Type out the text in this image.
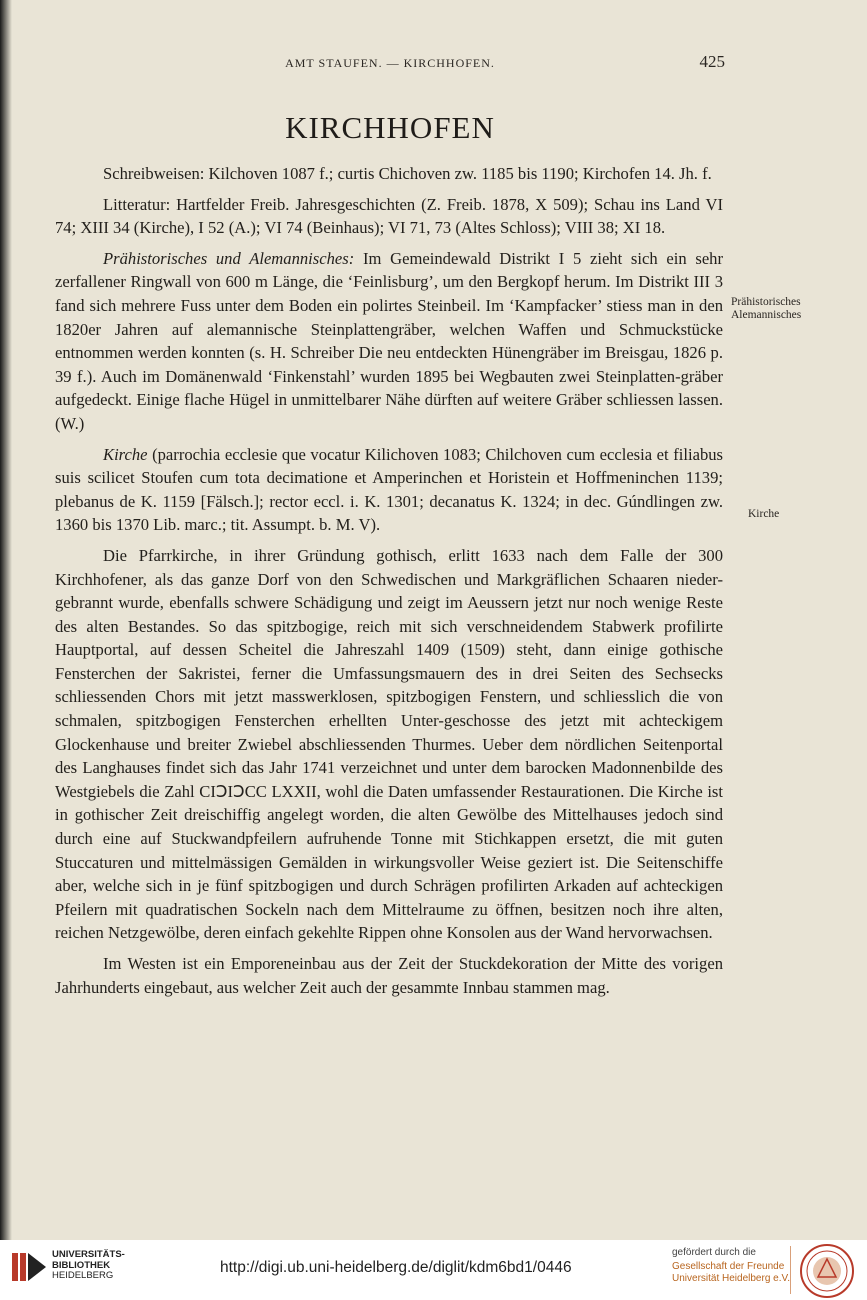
AMT STAUFEN. — KIRCHHOFEN.	425
KIRCHHOFEN

Schreibweisen: Kilchoven 1087 f.; curtis Chichoven zw. 1185 bis 1190; Kirchofen 14. Jh. f.

Litteratur: Hartfelder Freib. Jahresgeschichten (Z. Freib. 1878, X 509); Schau ins Land VI 74; XIII 34 (Kirche), I 52 (A.); VI 74 (Beinhaus); VI 71, 73 (Altes Schloss); VIII 38; XI 18.

Prähistorisches und Alemannisches: Im Gemeindewald Distrikt I 5 zieht sich ein sehr zerfallener Ringwall von 600 m Länge, die ‘Feinlisburg’, um den Bergkopf herum. Im Distrikt III 3 fand sich mehrere Fuss unter dem Boden ein polirtes Steinbeil. Im ‘Kampfacker’ stiess man in den 1820er Jahren auf alemannische Steinplattengräber, welchen Waffen und Schmuckstücke entnommen werden konnten (s. H. Schreiber Die neu entdeckten Hünengräber im Breisgau, 1826 p. 39 f.). Auch im Domänenwald ‘Finkenstahl’ wurden 1895 bei Wegbauten zwei Steinplatten-gräber aufgedeckt. Einige flache Hügel in unmittelbarer Nähe dürften auf weitere Gräber schliessen lassen. (W.)

Kirche (parrochia ecclesie que vocatur Kilichoven 1083; Chilchoven cum ecclesia et filiabus suis scilicet Stoufen cum tota decimatione et Amperinchen et Horistein et Hoffmeninchen 1139; plebanus de K. 1159 [Fälsch.]; rector eccl. i. K. 1301; decanatus K. 1324; in dec. Gúndlingen zw. 1360 bis 1370 Lib. marc.; tit. Assumpt. b. M. V).

Die Pfarrkirche, in ihrer Gründung gothisch, erlitt 1633 nach dem Falle der 300 Kirchhofener, als das ganze Dorf von den Schwedischen und Markgräflichen Schaaren nieder-gebrannt wurde, ebenfalls schwere Schädigung und zeigt im Aeussern jetzt nur noch wenige Reste des alten Bestandes. So das spitzbogige, reich mit sich verschneidendem Stabwerk profilirte Hauptportal, auf dessen Scheitel die Jahreszahl 1409 (1509) steht, dann einige gothische Fensterchen der Sakristei, ferner die Umfassungsmauern des in drei Seiten des Sechsecks schliessenden Chors mit jetzt masswerklosen, spitzbogigen Fenstern, und schliesslich die von schmalen, spitzbogigen Fensterchen erhellten Unter-geschosse des jetzt mit achteckigem Glockenhause und breiter Zwiebel abschliessenden Thurmes. Ueber dem nördlichen Seitenportal des Langhauses findet sich das Jahr 1741 verzeichnet und unter dem barocken Madonnenbilde des Westgiebels die Zahl CIↃIↃCC LXXII, wohl die Daten umfassender Restaurationen. Die Kirche ist in gothischer Zeit dreischiffig angelegt worden, die alten Gewölbe des Mittelhauses jedoch sind durch eine auf Stuckwandpfeilern aufruhende Tonne mit Stichkappen ersetzt, die mit guten Stuccaturen und mittelmässigen Gemälden in wirkungsvoller Weise geziert ist. Die Seitenschiffe aber, welche sich in je fünf spitzbogigen und durch Schrägen profilirten Arkaden auf achteckigen Pfeilern mit quadratischen Sockeln nach dem Mittelraume zu öffnen, besitzen noch ihre alten, reichen Netzgewölbe, deren einfach gekehlte Rippen ohne Konsolen aus der Wand hervorwachsen.

Im Westen ist ein Emporeneinbau aus der Zeit der Stuckdekoration der Mitte des vorigen Jahrhunderts eingebaut, aus welcher Zeit auch der gesammte Innbau stammen mag.

Prähistorisches Alemannisches
Kirche
UNIVERSITÄTS-
BIBLIOTHEK
HEIDELBERG	http://digi.ub.uni-heidelberg.de/diglit/kdm6bd1/0446
gefördert durch die
Gesellschaft der Freunde
Universität Heidelberg e.V.
